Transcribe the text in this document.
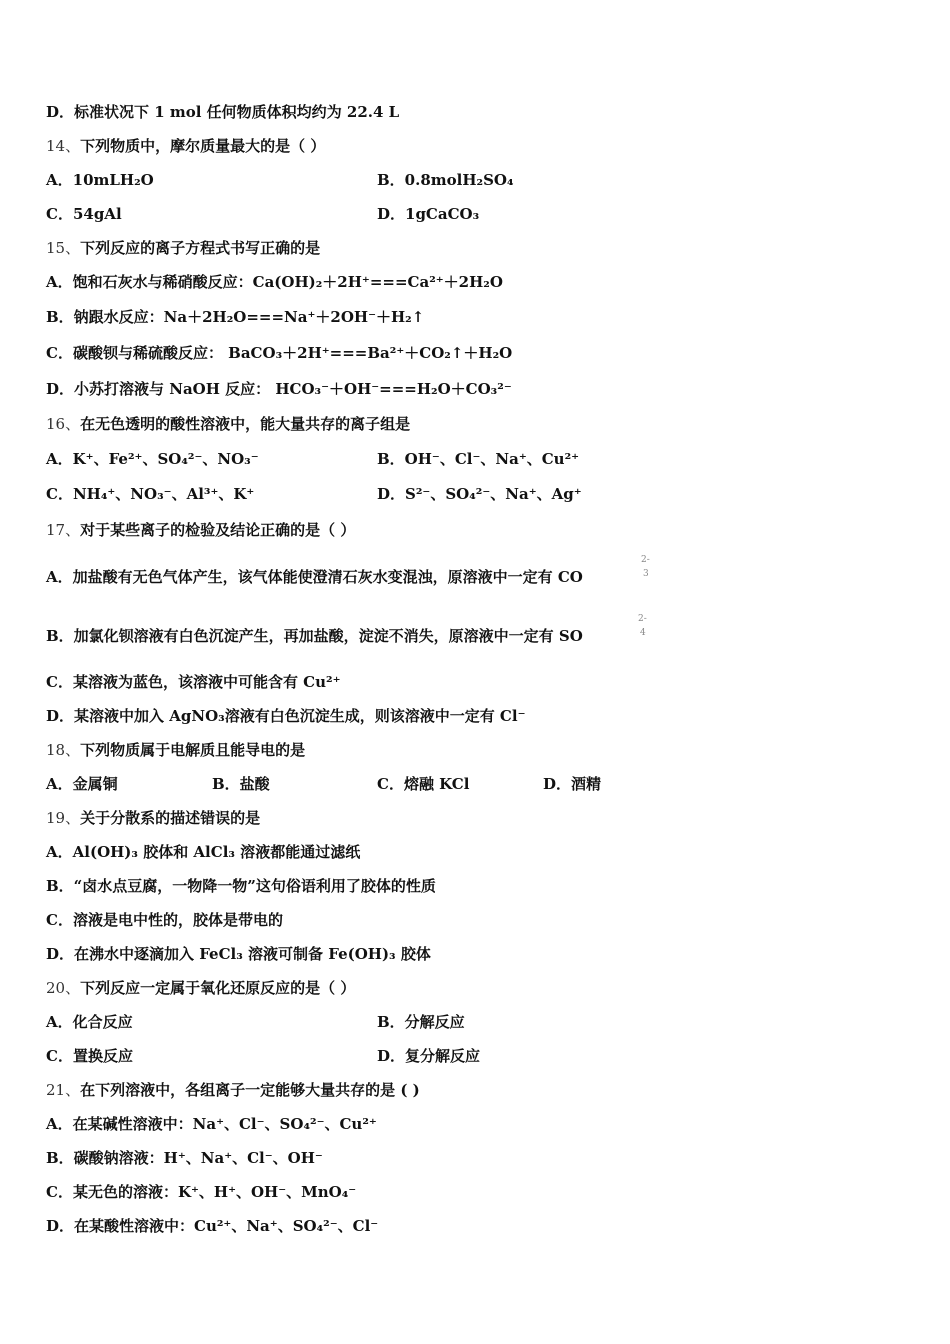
D．标准状况下 1 mol 任何物质体积均约为 22.4 L
14、下列物质中，摩尔质量最大的是（ ）
A．10mLH₂O	B．0.8molH₂SO₄
C．54gAl	D．1gCaCO₃
15、下列反应的离子方程式书写正确的是
A．饱和石灰水与稀硝酸反应：Ca(OH)₂＋2H⁺===Ca²⁺＋2H₂O
B．钠跟水反应：Na＋2H₂O===Na⁺＋2OH⁻＋H₂↑
C．碳酸钡与稀硫酸反应： BaCO₃＋2H⁺===Ba²⁺＋CO₂↑＋H₂O
D．小苏打溶液与 NaOH 反应： HCO₃⁻＋OH⁻===H₂O＋CO₃²⁻
16、在无色透明的酸性溶液中，能大量共存的离子组是
A．K⁺、Fe²⁺、SO₄²⁻、NO₃⁻	B．OH⁻、Cl⁻、Na⁺、Cu²⁺
C．NH₄⁺、NO₃⁻、Al³⁺、K⁺	D．S²⁻、SO₄²⁻、Na⁺、Ag⁺
17、对于某些离子的检验及结论正确的是（ ）
A．加盐酸有无色气体产生，该气体能使澄清石灰水变混浊，原溶液中一定有 CO
2-
3
B．加氯化钡溶液有白色沉淀产生，再加盐酸，淀淀不消失，原溶液中一定有 SO
2-
4
C．某溶液为蓝色，该溶液中可能含有 Cu²⁺
D．某溶液中加入 AgNO₃溶液有白色沉淀生成，则该溶液中一定有 Cl⁻
18、下列物质属于电解质且能导电的是
A．金属铜	B．盐酸	C．熔融 KCl	D．酒精
19、关于分散系的描述错误的是
A．Al(OH)₃ 胶体和 AlCl₃ 溶液都能通过滤纸
B．“卤水点豆腐，一物降一物”这句俗语利用了胶体的性质
C．溶液是电中性的，胶体是带电的
D．在沸水中逐滴加入 FeCl₃ 溶液可制备 Fe(OH)₃ 胶体
20、下列反应一定属于氧化还原反应的是（ ）
A．化合反应	B．分解反应
C．置换反应	D．复分解反应
21、在下列溶液中，各组离子一定能够大量共存的是 ( )
A．在某碱性溶液中：Na⁺、Cl⁻、SO₄²⁻、Cu²⁺
B．碳酸钠溶液：H⁺、Na⁺、Cl⁻、OH⁻
C．某无色的溶液：K⁺、H⁺、OH⁻、MnO₄⁻
D．在某酸性溶液中：Cu²⁺、Na⁺、SO₄²⁻、Cl⁻
